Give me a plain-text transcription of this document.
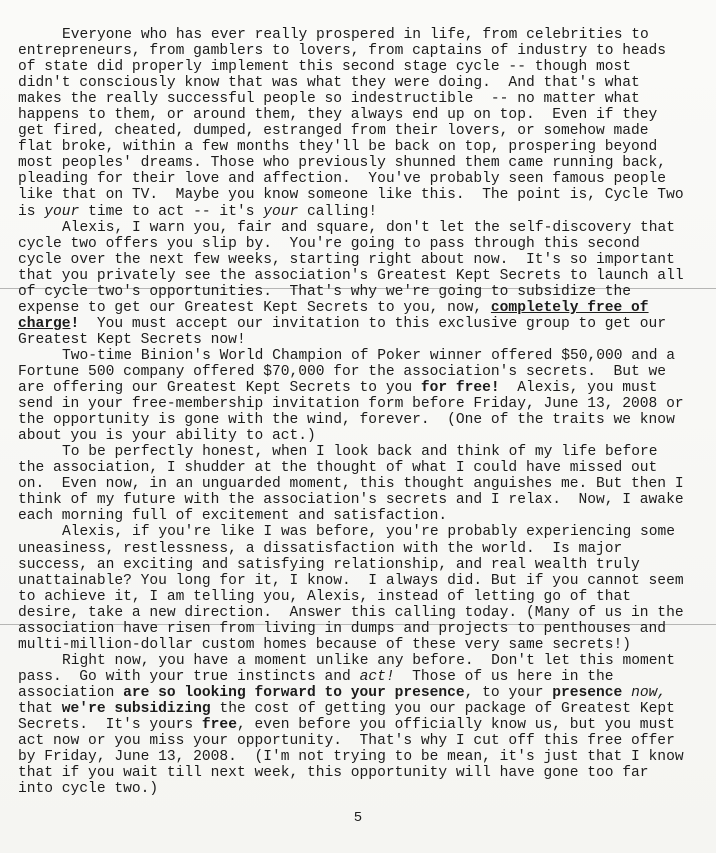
Everyone who has ever really prospered in life, from celebrities to
entrepreneurs, from gamblers to lovers, from captains of industry to heads
of state did properly implement this second stage cycle -- though most
didn't consciously know that was what they were doing.  And that's what
makes the really successful people so indestructible  -- no matter what
happens to them, or around them, they always end up on top.  Even if they
get fired, cheated, dumped, estranged from their lovers, or somehow made
flat broke, within a few months they'll be back on top, prospering beyond
most peoples' dreams. Those who previously shunned them came running back,
pleading for their love and affection.  You've probably seen famous people
like that on TV.  Maybe you know someone like this.  The point is, Cycle Two
is your time to act -- it's your calling!
Alexis, I warn you, fair and square, don't let the self-discovery that
cycle two offers you slip by.  You're going to pass through this second
cycle over the next few weeks, starting right about now.  It's so important
that you privately see the association's Greatest Kept Secrets to launch all
of cycle two's opportunities.  That's why we're going to subsidize the
expense to get our Greatest Kept Secrets to you, now, completely free of
charge!  You must accept our invitation to this exclusive group to get our
Greatest Kept Secrets now!
Two-time Binion's World Champion of Poker winner offered $50,000 and a
Fortune 500 company offered $70,000 for the association's secrets.  But we
are offering our Greatest Kept Secrets to you for free!  Alexis, you must
send in your free-membership invitation form before Friday, June 13, 2008 or
the opportunity is gone with the wind, forever.  (One of the traits we know
about you is your ability to act.)
To be perfectly honest, when I look back and think of my life before
the association, I shudder at the thought of what I could have missed out
on.  Even now, in an unguarded moment, this thought anguishes me. But then I
think of my future with the association's secrets and I relax.  Now, I awake
each morning full of excitement and satisfaction.
Alexis, if you're like I was before, you're probably experiencing some
uneasiness, restlessness, a dissatisfaction with the world.  Is major
success, an exciting and satisfying relationship, and real wealth truly
unattainable? You long for it, I know.  I always did. But if you cannot seem
to achieve it, I am telling you, Alexis, instead of letting go of that
desire, take a new direction.  Answer this calling today. (Many of us in the
association have risen from living in dumps and projects to penthouses and
multi-million-dollar custom homes because of these very same secrets!)
Right now, you have a moment unlike any before.  Don't let this moment
pass.  Go with your true instincts and act!  Those of us here in the
association are so looking forward to your presence, to your presence now,
that we're subsidizing the cost of getting you our package of Greatest Kept
Secrets.  It's yours free, even before you officially know us, but you must
act now or you miss your opportunity.  That's why I cut off this free offer
by Friday, June 13, 2008.  (I'm not trying to be mean, it's just that I know
that if you wait till next week, this opportunity will have gone too far
into cycle two.)
5
